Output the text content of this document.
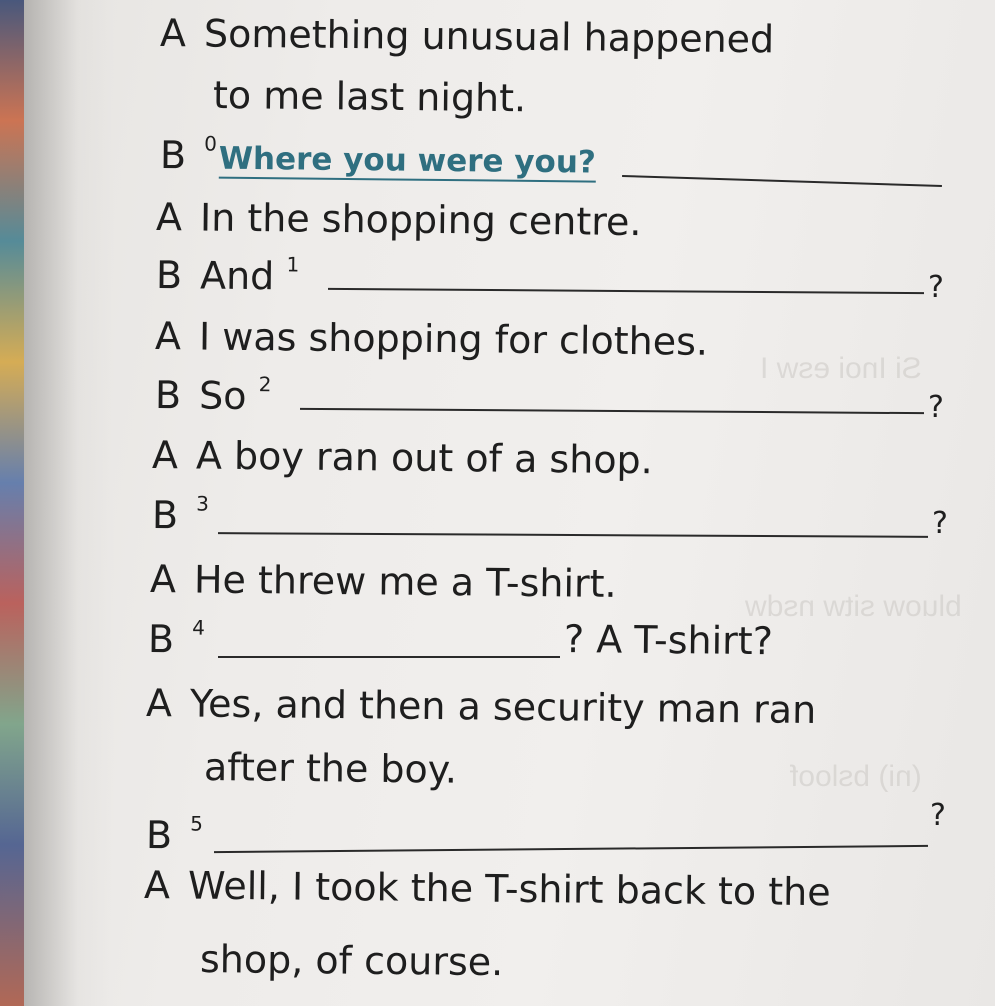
Si Inoi esw I
bluow sitw nsdw
(ni) bsloof
A Something unusual happened
to me last night.
B $^0$Where you were you?
A In the shopping centre.
B And $^1$
?
A I was shopping for clothes.
B So $^2$
?
A A boy ran out of a shop.
B $^3$
?
A He threw me a T-shirt.
B $^4$	? A T-shirt?
A Yes, and then a security man ran
after the boy.
B $^5$	?
A Well, I took the T-shirt back to the
shop, of course.
